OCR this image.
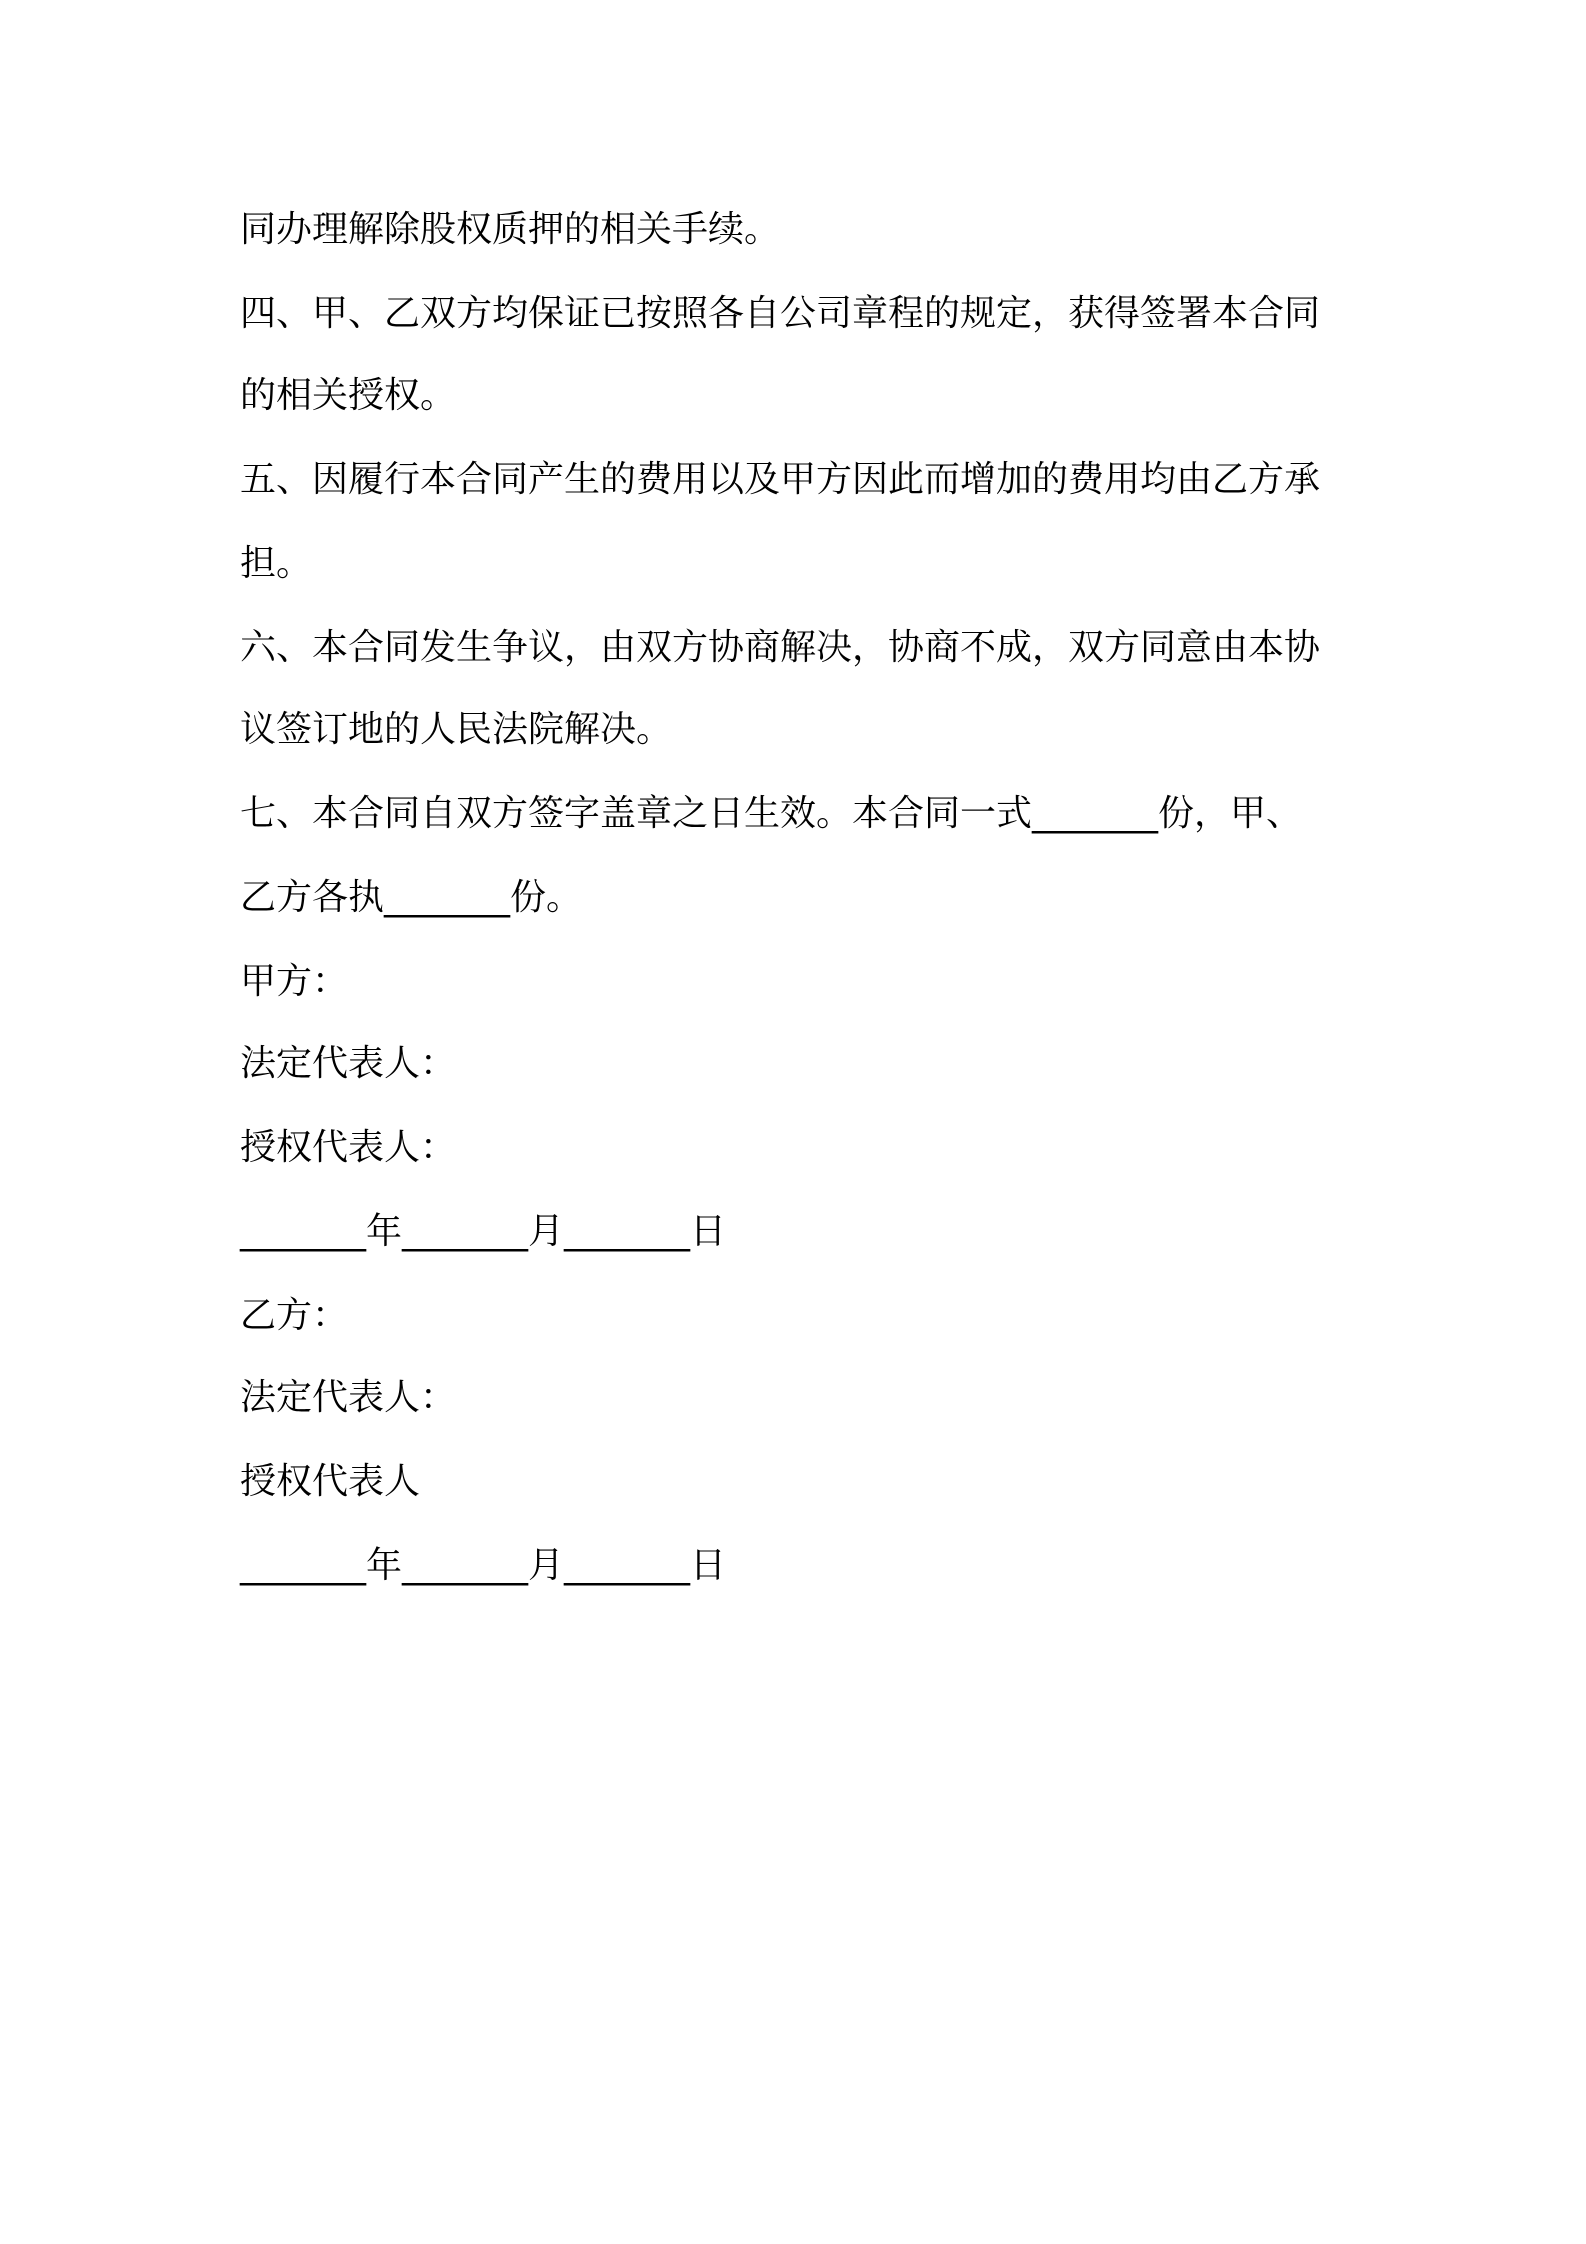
同办理解除股权质押的相关手续。
四、甲、乙双方均保证已按照各自公司章程的规定，获得签署本合同
的相关授权。
五、因履行本合同产生的费用以及甲方因此而增加的费用均由乙方承
担。
六、本合同发生争议，由双方协商解决，协商不成，双方同意由本协
议签订地的人民法院解决。
七、本合同自双方签字盖章之日生效。本合同一式_______份，甲、
乙方各执_______份。
甲方：
法定代表人：
授权代表人：
_______年_______月_______日
乙方：
法定代表人：
授权代表人
_______年_______月_______日
